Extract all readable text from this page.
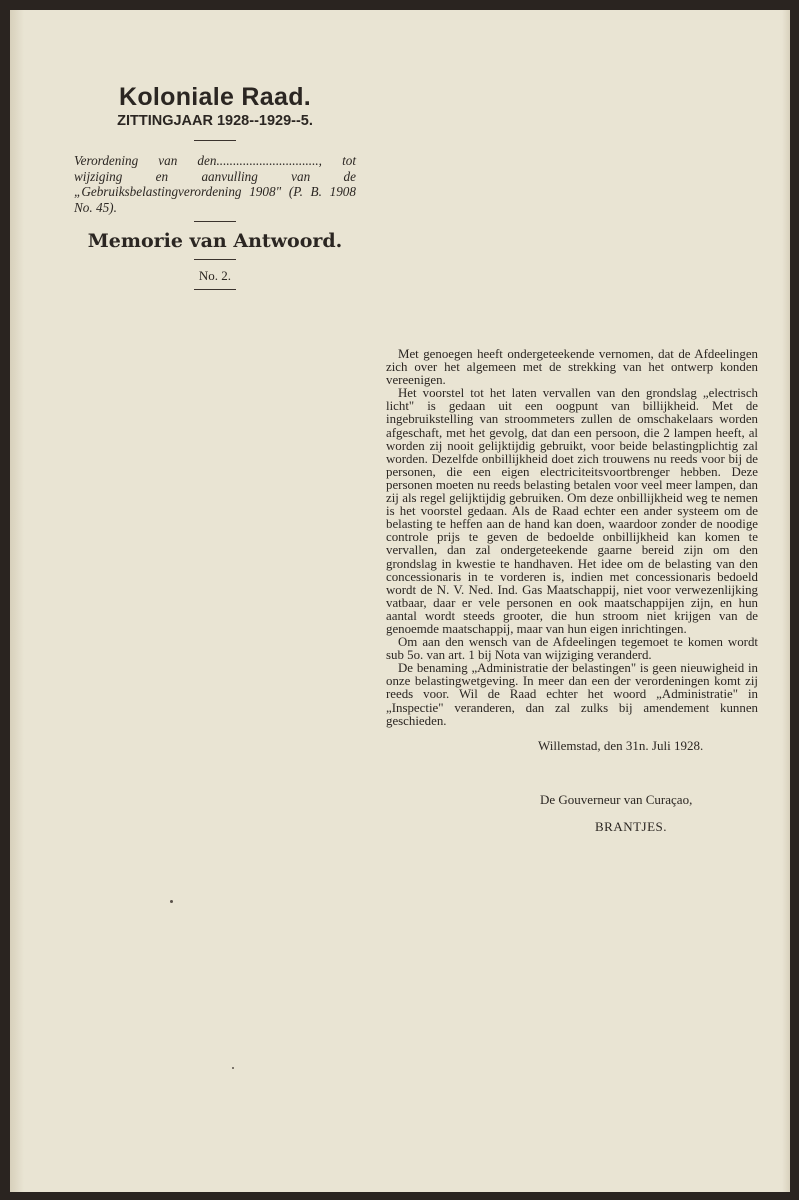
Koloniale Raad.
ZITTINGJAAR 1928--1929--5.
Verordening van den..............................., tot wijziging en aanvulling van de „Gebruiksbelastingverordening 1908" (P. B. 1908 No. 45).
Memorie van Antwoord.
No. 2.

Met genoegen heeft ondergeteekende vernomen, dat de Afdeelingen zich over het algemeen met de strekking van het ontwerp konden vereenigen.

Het voorstel tot het laten vervallen van den grondslag „electrisch licht" is gedaan uit een oogpunt van billijkheid. Met de ingebruikstelling van stroommeters zullen de omschakelaars worden afgeschaft, met het gevolg, dat dan een persoon, die 2 lampen heeft, al worden zij nooit gelijktijdig gebruikt, voor beide belastingplichtig zal worden. Dezelfde onbillijkheid doet zich trouwens nu reeds voor bij de personen, die een eigen electriciteitsvoortbrenger hebben. Deze personen moeten nu reeds belasting betalen voor veel meer lampen, dan zij als regel gelijktijdig gebruiken. Om deze onbillijkheid weg te nemen is het voorstel gedaan. Als de Raad echter een ander systeem om de belasting te heffen aan de hand kan doen, waardoor zonder de noodige controle prijs te geven de bedoelde onbillijkheid kan komen te vervallen, dan zal ondergeteekende gaarne bereid zijn om den grondslag in kwestie te handhaven. Het idee om de belasting van den concessionaris in te vorderen is, indien met concessionaris bedoeld wordt de N. V. Ned. Ind. Gas Maatschappij, niet voor verwezenlijking vatbaar, daar er vele personen en ook maatschappijen zijn, en hun aantal wordt steeds grooter, die hun stroom niet krijgen van de genoemde maatschappij, maar van hun eigen inrichtingen.

Om aan den wensch van de Afdeelingen tegemoet te komen wordt sub 5o. van art. 1 bij Nota van wijziging veranderd.

De benaming „Administratie der belastingen" is geen nieuwigheid in onze belastingwetgeving. In meer dan een der verordeningen komt zij reeds voor. Wil de Raad echter het woord „Administratie" in „Inspectie" veranderen, dan zal zulks bij amendement kunnen geschieden.

Willemstad, den 31n. Juli 1928.
De Gouverneur van Curaçao,
BRANTJES.
